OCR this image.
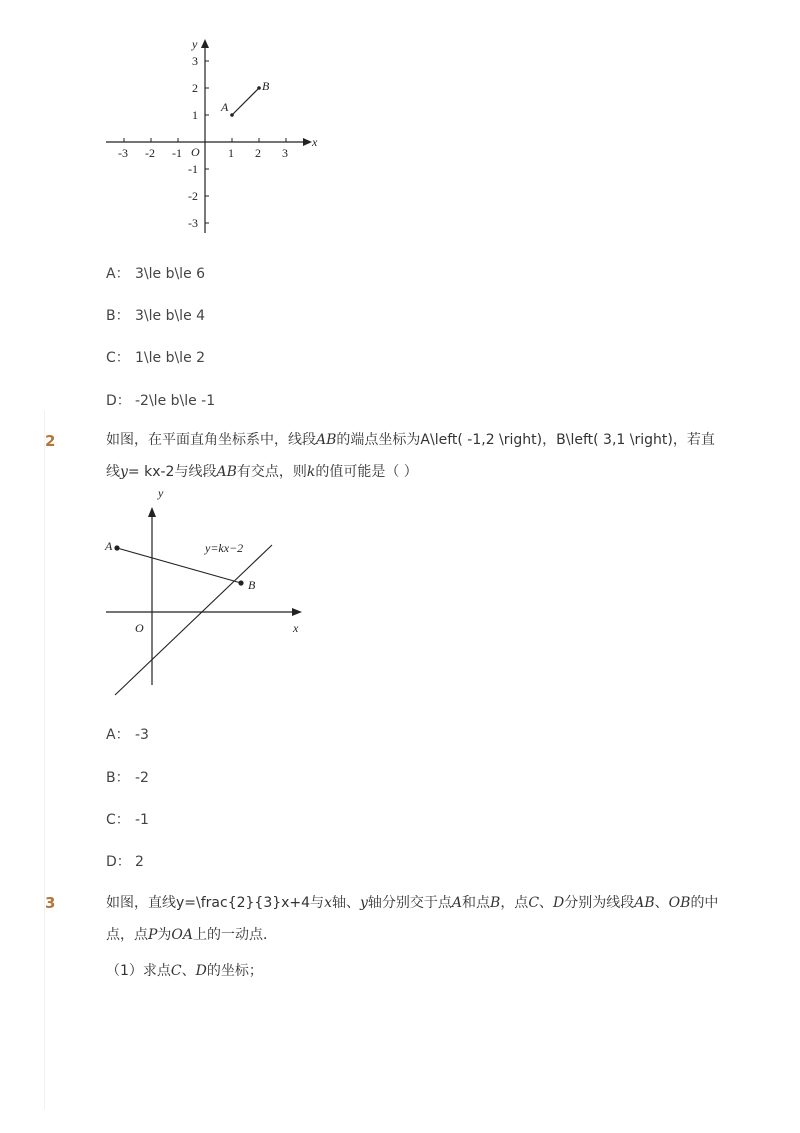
x
y
O
-3 -2 -1	1 2 3
3
2
1
-1
-2
-3
A
B
A： 3\le b\le 6
B： 3\le b\le 4
C： 1\le b\le 2
D： -2\le b\le -1
2	如图，在平面直角坐标系中，线段AB的端点坐标为A\left( -1,2 \right)，B\left( 3,1 \right)，若直
线y= kx-2与线段AB有交点，则k的值可能是（ ）
A
B
y=kx−2
O	x
y
A： -3
B： -2
C： -1
D： 2
3	如图，直线y=\frac{2}{3}x+4与x轴、y轴分别交于点A和点B，点C、D分别为线段AB、OB的中
点，点P为OA上的一动点．
（1）求点C、D的坐标；
